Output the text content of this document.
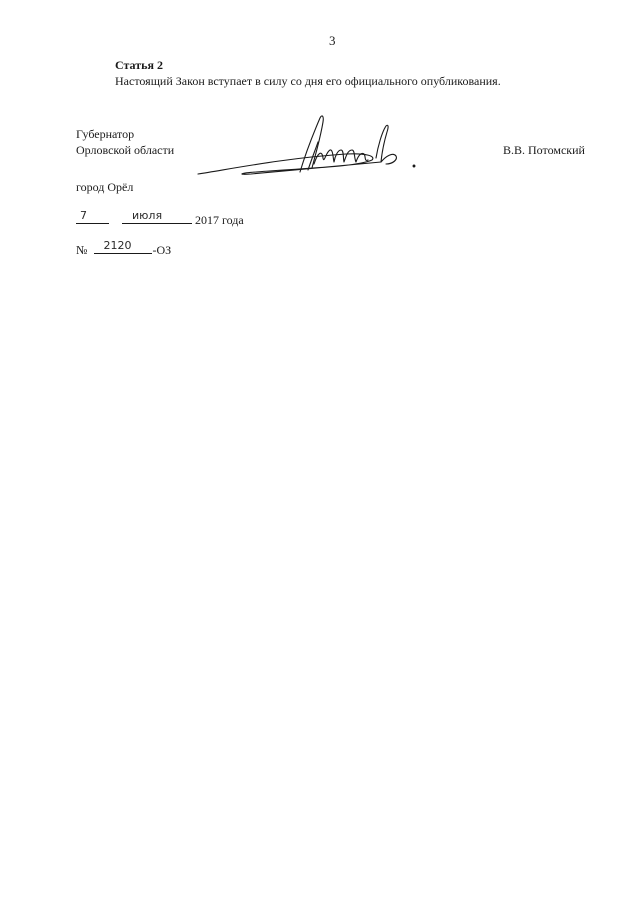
3
Статья 2
Настоящий Закон вступает в силу со дня его официального опубликования.
Губернатор
Орловской области	В.В. Потомский
город Орёл
7
	июля	2017 года
№ 2120 -ОЗ
